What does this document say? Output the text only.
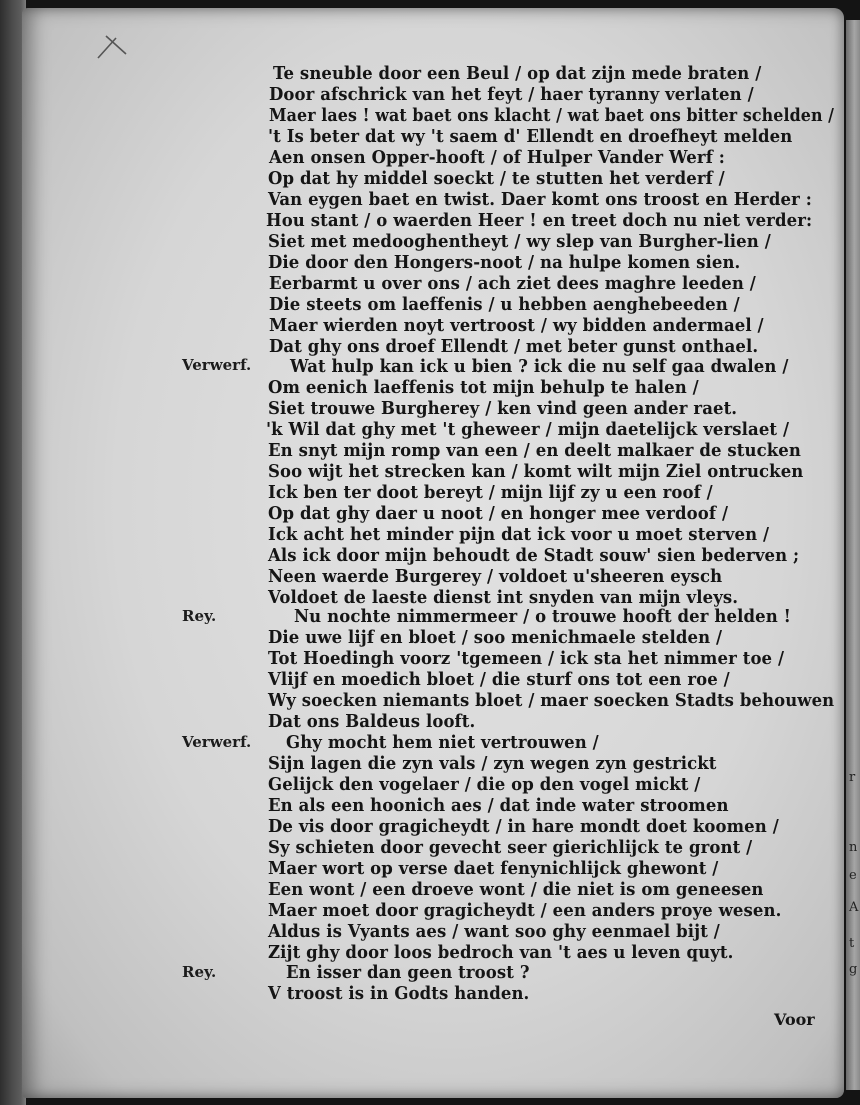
Te sneuble door een Beul / op dat zijn mede braten /
Door afschrick van het feyt / haer tyranny verlaten /
Maer laes ! wat baet ons klacht / wat baet ons bitter schelden /
't Is beter dat wy 't saem d' Ellendt en droefheyt melden
Aen onsen Opper-hooft / of Hulper Vander Werf :
Op dat hy middel soeckt / te stutten het verderf /
Van eygen baet en twist. Daer komt ons troost en Herder :
Hou stant / o waerden Heer ! en treet doch nu niet verder:
Siet met medooghentheyt / wy slep van Burgher-lien /
Die door den Hongers-noot / na hulpe komen sien.
Eerbarmt u over ons / ach ziet dees maghre leeden /
Die steets om laeffenis / u hebben aenghebeeden /
Maer wierden noyt vertroost / wy bidden andermael /
Dat ghy ons droef Ellendt / met beter gunst onthael.
Verwerf. Wat hulp kan ick u bien ? ick die nu self gaa dwalen /
Om eenich laeffenis tot mijn behulp te halen /
Siet trouwe Burgherey / ken vind geen ander raet.
'k Wil dat ghy met 't gheweer / mijn daetelijck verslaet /
En snyt mijn romp van een / en deelt malkaer de stucken
Soo wijt het strecken kan / komt wilt mijn Ziel ontrucken
Ick ben ter doot bereyt / mijn lijf zy u een roof /
Op dat ghy daer u noot / en honger mee verdoof /
Ick acht het minder pijn dat ick voor u moet sterven /
Als ick door mijn behoudt de Stadt souw' sien bederven ;
Neen waerde Burgerey / voldoet u'sheeren eysch
Voldoet de laeste dienst int snyden van mijn vleys.
Rey.	Nu nochte nimmermeer / o trouwe hooft der helden !
Die uwe lijf en bloet / soo menichmaele stelden /
Tot Hoedingh voorz 'tgemeen / ick sta het nimmer toe /
Vlijf en moedich bloet / die sturf ons tot een roe /
Wy soecken niemants bloet / maer soecken Stadts behouwen
Dat ons Baldeus looft.
Verwerf. Ghy mocht hem niet vertrouwen /
Sijn lagen die zyn vals / zyn wegen zyn gestrickt
Gelijck den vogelaer / die op den vogel mickt /
En als een hoonich aes / dat inde water stroomen
De vis door gragicheydt / in hare mondt doet koomen /
Sy schieten door gevecht seer gierichlijck te gront /
Maer wort op verse daet fenynichlijck ghewont /
Een wont / een droeve wont / die niet is om geneesen
Maer moet door gragicheydt / een anders proye wesen.
Aldus is Vyants aes / want soo ghy eenmael bijt /
Zijt ghy door loos bedroch van 't aes u leven quyt.
Rey.	En isser dan geen troost ?
V troost is in Godts handen.
Voor
r
n
e
A
t
g
